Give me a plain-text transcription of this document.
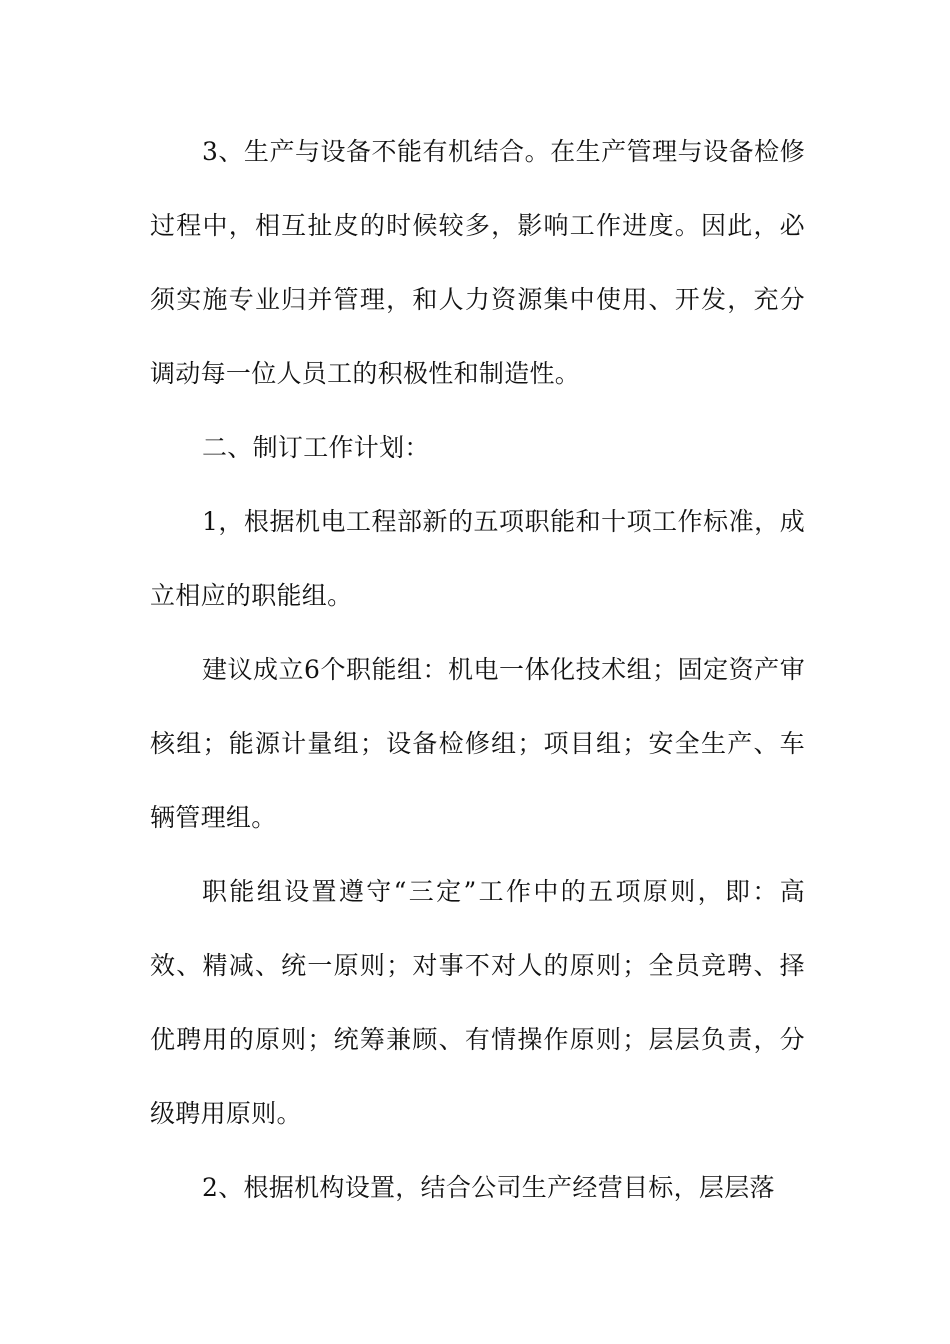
3、生产与设备不能有机结合。在生产管理与设备检修过程中，相互扯皮的时候较多，影响工作进度。因此，必须实施专业归并管理，和人力资源集中使用、开发，充分调动每一位人员工的积极性和制造性。

二、制订工作计划：

1，根据机电工程部新的五项职能和十项工作标准，成立相应的职能组。

建议成立6个职能组：机电一体化技术组；固定资产审核组；能源计量组；设备检修组；项目组；安全生产、车辆管理组。

职能组设置遵守“三定”工作中的五项原则，即：高效、精减、统一原则；对事不对人的原则；全员竞聘、择优聘用的原则；统筹兼顾、有情操作原则；层层负责，分级聘用原则。

2、根据机构设置，结合公司生产经营目标，层层落
